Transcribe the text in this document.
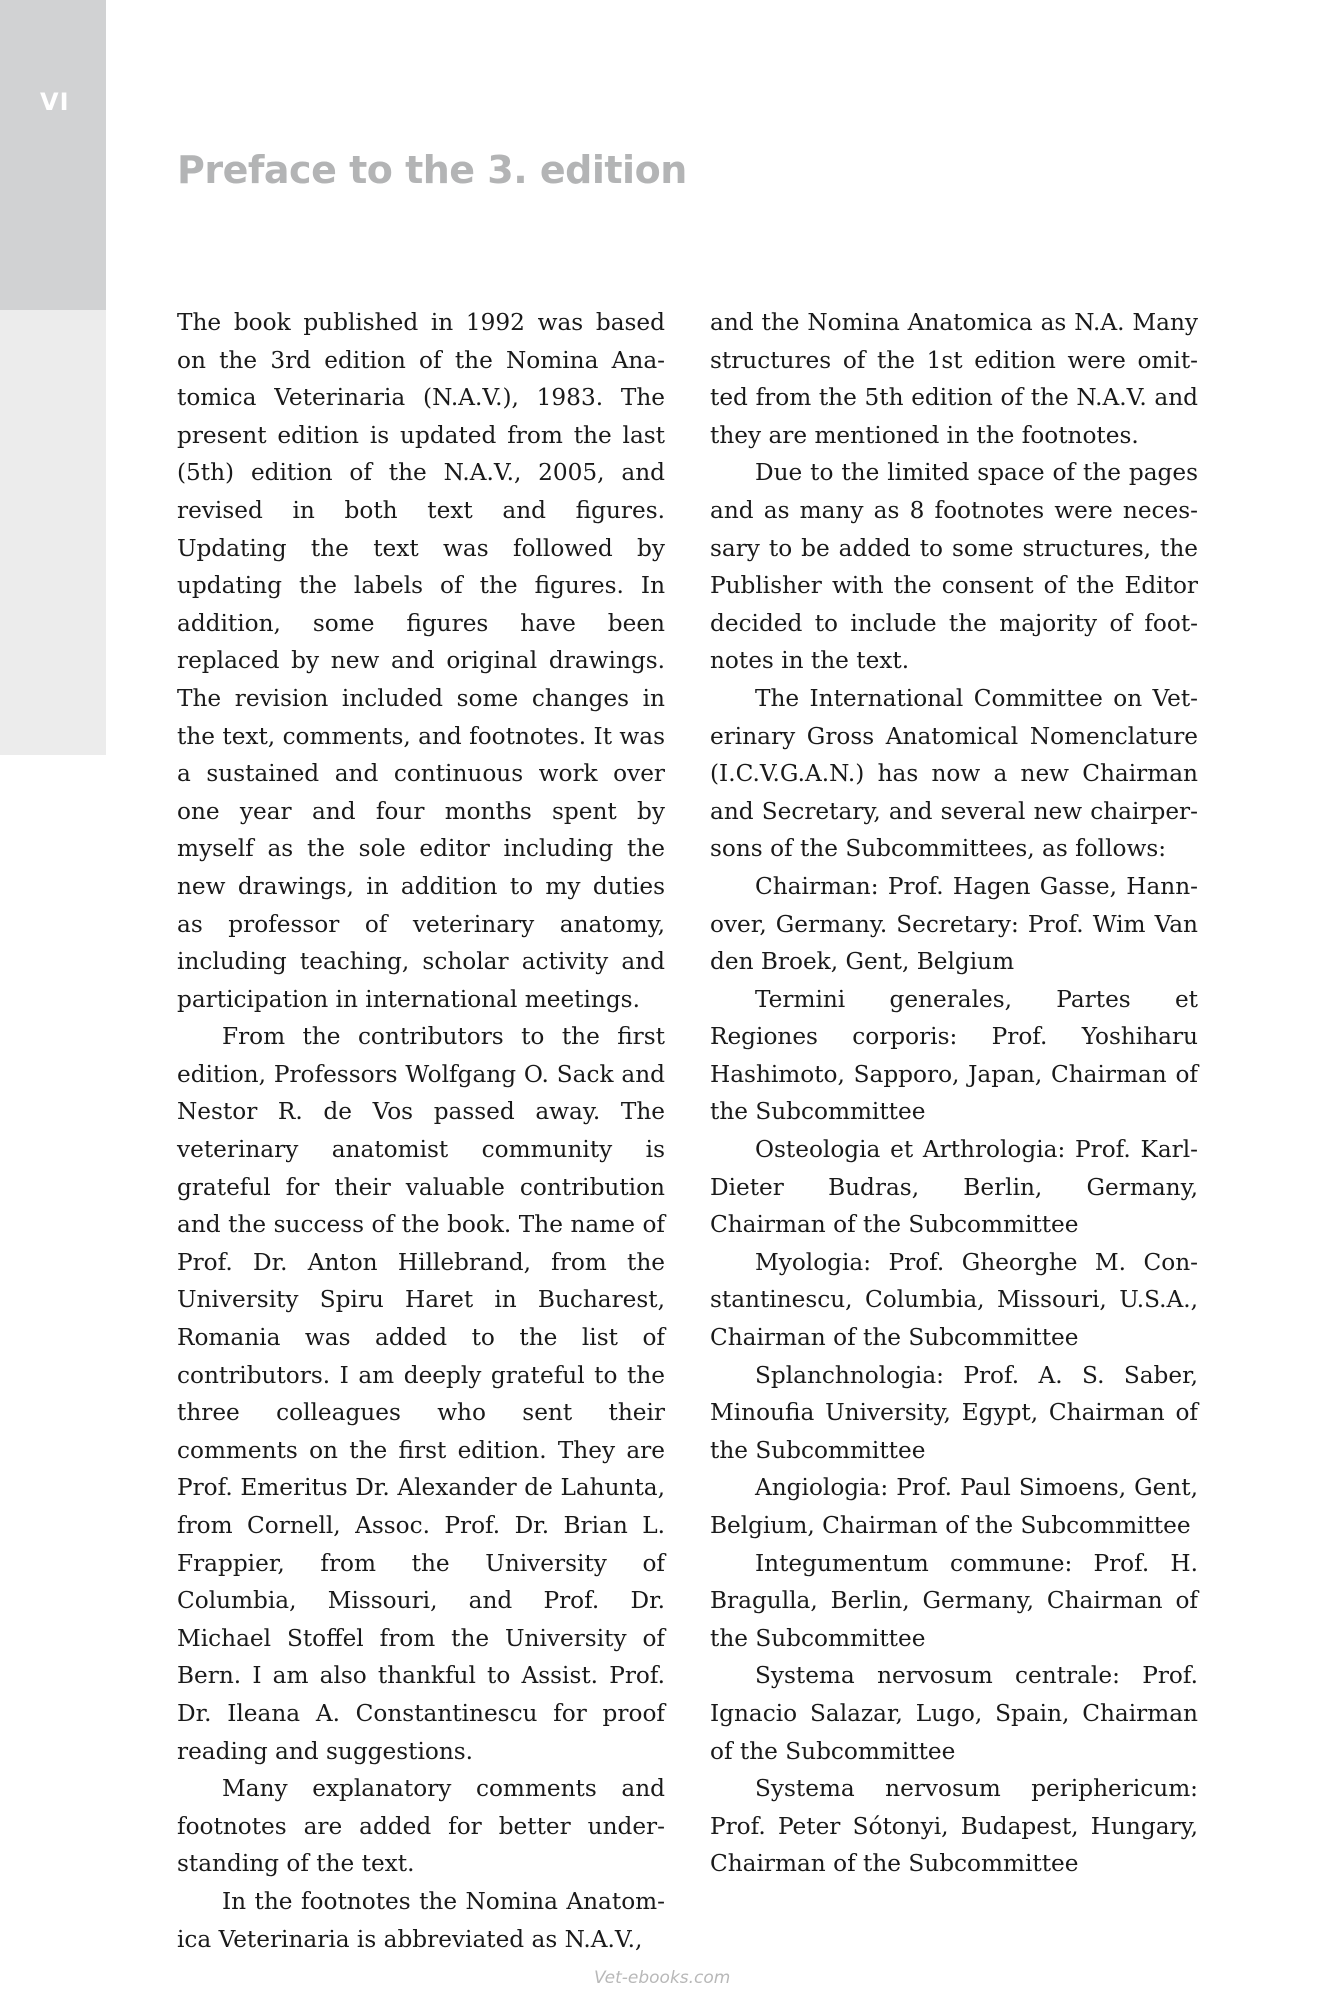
VI
Preface to the 3. edition

The book published in 1992 was based on the 3rd edition of the Nomina Anatomica Veterinaria (N.A.V.), 1983. The present edition is updated from the last (5th) edition of the N.A.V., 2005, and revised in both text and figures. Updating the text was followed by updating the labels of the figures. In addition, some figures have been replaced by new and original drawings. The revision included some changes in the text, comments, and footnotes. It was a sustained and continuous work over one year and four months spent by myself as the sole editor including the new drawings, in addition to my duties as professor of veterinary anatomy, including teaching, scholar activity and participation in international meetings.

From the contributors to the first edition, Professors Wolfgang O. Sack and Nestor R. de Vos passed away. The veterinary anatomist community is grateful for their valuable contribution and the success of the book. The name of Prof. Dr. Anton Hillebrand, from the University Spiru Haret in Bucharest, Romania was added to the list of contributors. I am deeply grateful to the three colleagues who sent their comments on the first edition. They are Prof. Emeritus Dr. Alexander de Lahunta, from Cornell, Assoc. Prof. Dr. Brian L. Frappier, from the University of Columbia, Missouri, and Prof. Dr. Michael Stoffel from the University of Bern. I am also thankful to Assist. Prof. Dr. Ileana A. Constantinescu for proof reading and suggestions.

Many explanatory comments and footnotes are added for better understanding of the text.

In the footnotes the Nomina Anatomica Veterinaria is abbreviated as N.A.V.,

and the Nomina Anatomica as N.A. Many structures of the 1st edition were omitted from the 5th edition of the N.A.V. and they are mentioned in the footnotes.

Due to the limited space of the pages and as many as 8 footnotes were necessary to be added to some structures, the Publisher with the consent of the Editor decided to include the majority of footnotes in the text.

The International Committee on Veterinary Gross Anatomical Nomenclature (I.C.V.G.A.N.) has now a new Chairman and Secretary, and several new chairpersons of the Subcommittees, as follows:

Chairman: Prof. Hagen Gasse, Hannover, Germany. Secretary: Prof. Wim Van den Broek, Gent, Belgium

Termini generales, Partes et Regiones corporis: Prof. Yoshiharu Hashimoto, Sapporo, Japan, Chairman of the Subcommittee

Osteologia et Arthrologia: Prof. Karl-Dieter Budras, Berlin, Germany, Chairman of the Subcommittee

Myologia: Prof. Gheorghe M. Constantinescu, Columbia, Missouri, U.S.A., Chairman of the Subcommittee

Splanchnologia: Prof. A. S. Saber, Minoufia University, Egypt, Chairman of the Subcommittee

Angiologia: Prof. Paul Simoens, Gent, Belgium, Chairman of the Subcommittee

Integumentum commune: Prof. H. Bragulla, Berlin, Germany, Chairman of the Subcommittee

Systema nervosum centrale: Prof. Ignacio Salazar, Lugo, Spain, Chairman of the Subcommittee

Systema nervosum periphericum: Prof. Peter Sótonyi, Budapest, Hungary, Chairman of the Subcommittee

Vet-ebooks.com
